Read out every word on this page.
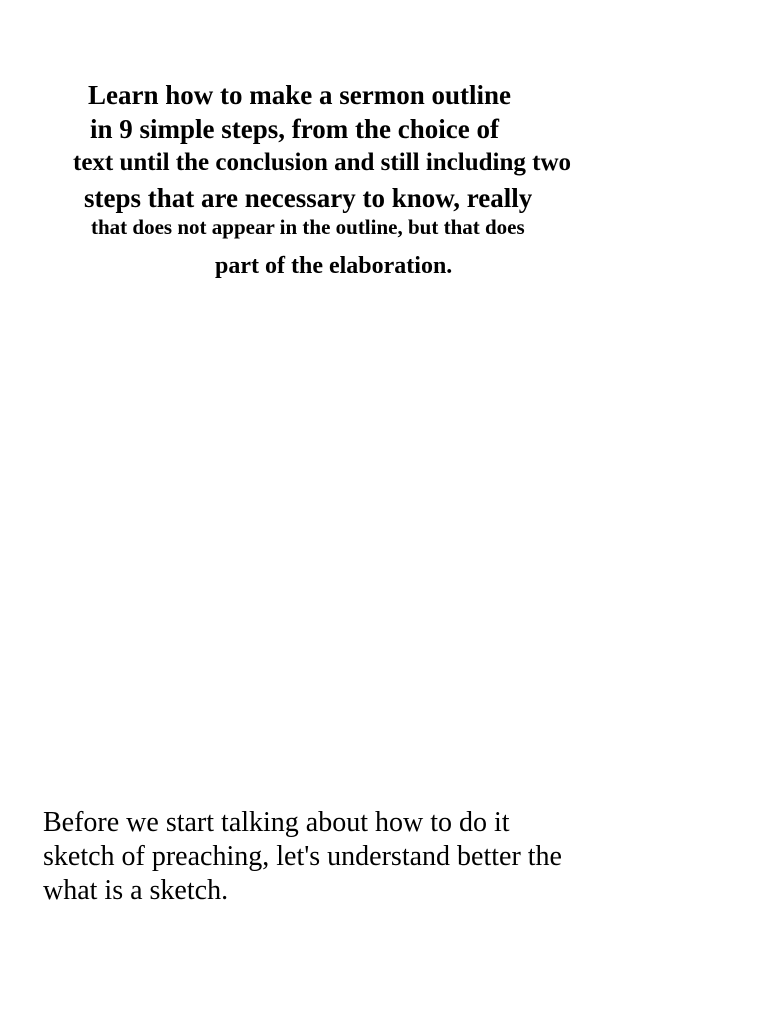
Learn how to make a sermon outline
in 9 simple steps, from the choice of
text until the conclusion and still including two
steps that are necessary to know, really
that does not appear in the outline, but that does
part of the elaboration.
Before we start talking about how to do it
sketch of preaching, let's understand better the
what is a sketch.
